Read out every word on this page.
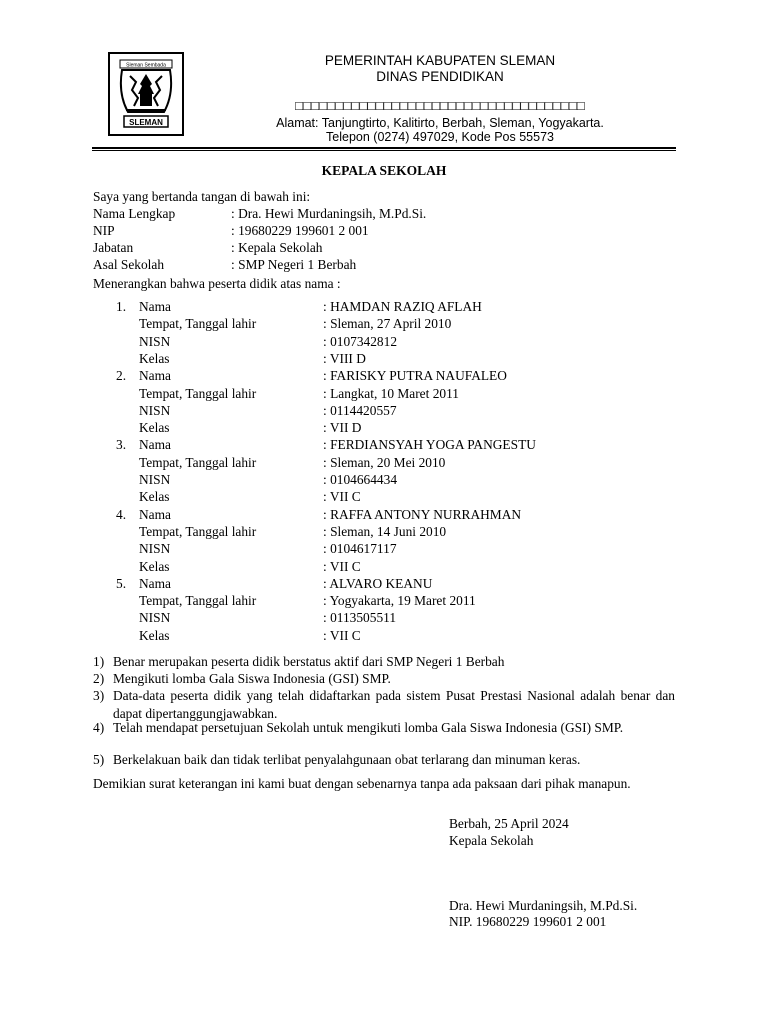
Sleman Sembada
SLEMAN
PEMERINTAH KABUPATEN SLEMAN
DINAS PENDIDIKAN
□□□□□□□□□□□□□□□□□□□□□□□□□□□□□□□□□□□□
Alamat: Tanjungtirto, Kalitirto, Berbah, Sleman, Yogyakarta.
Telepon (0274) 497029, Kode Pos 55573
KEPALA SEKOLAH
Saya yang bertanda tangan di bawah ini:
Nama Lengkap	: Dra. Hewi Murdaningsih, M.Pd.Si.
NIP	: 19680229 199601 2 001
Jabatan	: Kepala Sekolah
Asal Sekolah	: SMP Negeri 1 Berbah
Menerangkan bahwa peserta didik atas nama :
1. Nama	: HAMDAN RAZIQ AFLAH
Tempat, Tanggal lahir	: Sleman, 27 April 2010
NISN	: 0107342812
Kelas	: VIII D
2. Nama	: FARISKY PUTRA NAUFALEO
Tempat, Tanggal lahir	: Langkat, 10 Maret 2011
NISN	: 0114420557
Kelas	: VII D
3. Nama	: FERDIANSYAH YOGA PANGESTU
Tempat, Tanggal lahir	: Sleman, 20 Mei 2010
NISN	: 0104664434
Kelas	: VII C
4. Nama	: RAFFA ANTONY NURRAHMAN
Tempat, Tanggal lahir	: Sleman, 14 Juni 2010
NISN	: 0104617117
Kelas	: VII C
5. Nama	: ALVARO KEANU
Tempat, Tanggal lahir	: Yogyakarta, 19 Maret 2011
NISN	: 0113505511
Kelas	: VII C
1) Benar merupakan peserta didik berstatus aktif dari SMP Negeri 1 Berbah
2) Mengikuti lomba Gala Siswa Indonesia (GSI) SMP.
3) Data-data peserta didik yang telah didaftarkan pada sistem Pusat Prestasi Nasional adalah benar dan dapat dipertanggungjawabkan.
4) Telah mendapat persetujuan Sekolah untuk mengikuti lomba Gala Siswa Indonesia (GSI) SMP.
5) Berkelakuan baik dan tidak terlibat penyalahgunaan obat terlarang dan minuman keras.
Demikian surat keterangan ini kami buat dengan sebenarnya tanpa ada paksaan dari pihak manapun.
Berbah, 25 April 2024
Kepala Sekolah
Dra. Hewi Murdaningsih, M.Pd.Si.
NIP. 19680229 199601 2 001
